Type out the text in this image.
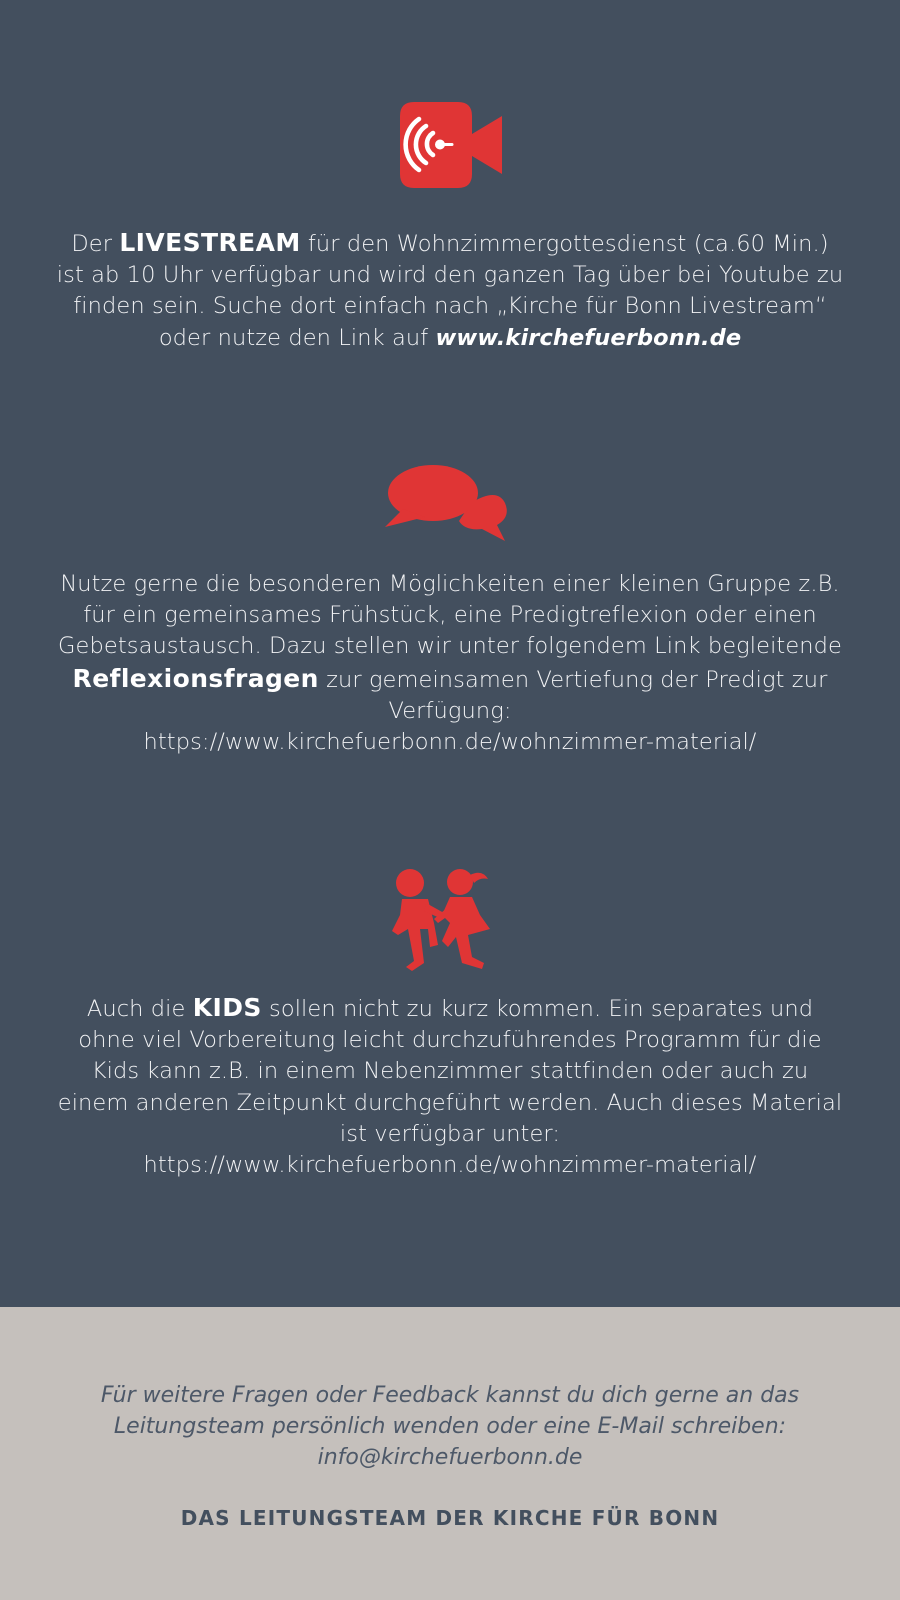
Der LIVESTREAM für den Wohnzimmergottesdienst (ca.60 Min.) ist ab 10 Uhr verfügbar und wird den ganzen Tag über bei Youtube zu finden sein. Suche dort einfach nach „Kirche für Bonn Livestream“ oder nutze den Link auf www.kirchefuerbonn.de

Nutze gerne die besonderen Möglichkeiten einer kleinen Gruppe z.B. für ein gemeinsames Frühstück, eine Predigtreflexion oder einen Gebetsaustausch. Dazu stellen wir unter folgendem Link begleitende Reflexionsfragen zur gemeinsamen Vertiefung der Predigt zur Verfügung:
https://www.kirchefuerbonn.de/wohnzimmer-material/

Auch die KIDS sollen nicht zu kurz kommen. Ein separates und ohne viel Vorbereitung leicht durchzuführendes Programm für die Kids kann z.B. in einem Nebenzimmer stattfinden oder auch zu einem anderen Zeitpunkt durchgeführt werden. Auch dieses Material ist verfügbar unter:
https://www.kirchefuerbonn.de/wohnzimmer-material/

Für weitere Fragen oder Feedback kannst du dich gerne an das
Leitungsteam persönlich wenden oder eine E-Mail schreiben:
info@kirchefuerbonn.de

DAS LEITUNGSTEAM DER KIRCHE FÜR BONN
